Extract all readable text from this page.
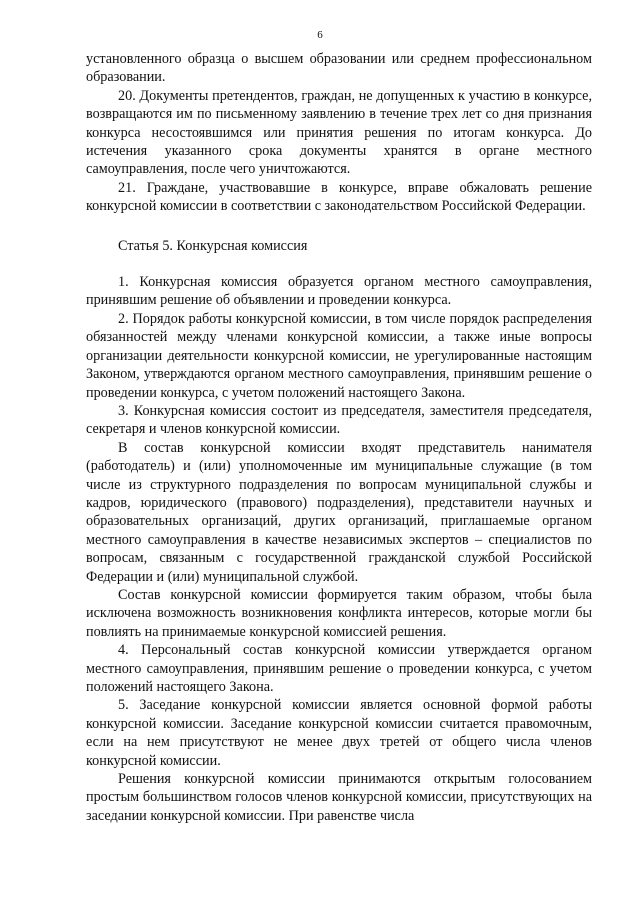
6

установленного образца о высшем образовании или среднем профессиональном образовании.

20. Документы претендентов, граждан, не допущенных к участию в конкурсе, возвращаются им по письменному заявлению в течение трех лет со дня признания конкурса несостоявшимся или принятия решения по итогам конкурса. До истечения указанного срока документы хранятся в органе местного самоуправления, после чего уничтожаются.

21. Граждане, участвовавшие в конкурсе, вправе обжаловать решение конкурсной комиссии в соответствии с законодательством Российской Федерации.

Статья 5. Конкурсная комиссия

1. Конкурсная комиссия образуется органом местного самоуправления, принявшим решение об объявлении и проведении конкурса.

2. Порядок работы конкурсной комиссии, в том числе порядок распределения обязанностей между членами конкурсной комиссии, а также иные вопросы организации деятельности конкурсной комиссии, не урегулированные настоящим Законом, утверждаются органом местного самоуправления, принявшим решение о проведении конкурса, с учетом положений настоящего Закона.

3. Конкурсная комиссия состоит из председателя, заместителя председателя, секретаря и членов конкурсной комиссии.

В состав конкурсной комиссии входят представитель нанимателя (работодатель) и (или) уполномоченные им муниципальные служащие (в том числе из структурного подразделения по вопросам муниципальной службы и кадров, юридического (правового) подразделения), представители научных и образовательных организаций, других организаций, приглашаемые органом местного самоуправления в качестве независимых экспертов – специалистов по вопросам, связанным с государственной гражданской службой Российской Федерации и (или) муниципальной службой.

Состав конкурсной комиссии формируется таким образом, чтобы была исключена возможность возникновения конфликта интересов, которые могли бы повлиять на принимаемые конкурсной комиссией решения.

4. Персональный состав конкурсной комиссии утверждается органом местного самоуправления, принявшим решение о проведении конкурса, с учетом положений настоящего Закона.

5. Заседание конкурсной комиссии является основной формой работы конкурсной комиссии. Заседание конкурсной комиссии считается правомочным, если на нем присутствуют не менее двух третей от общего числа членов конкурсной комиссии.

Решения конкурсной комиссии принимаются открытым голосованием простым большинством голосов членов конкурсной комиссии, присутствующих на заседании конкурсной комиссии. При равенстве числа
